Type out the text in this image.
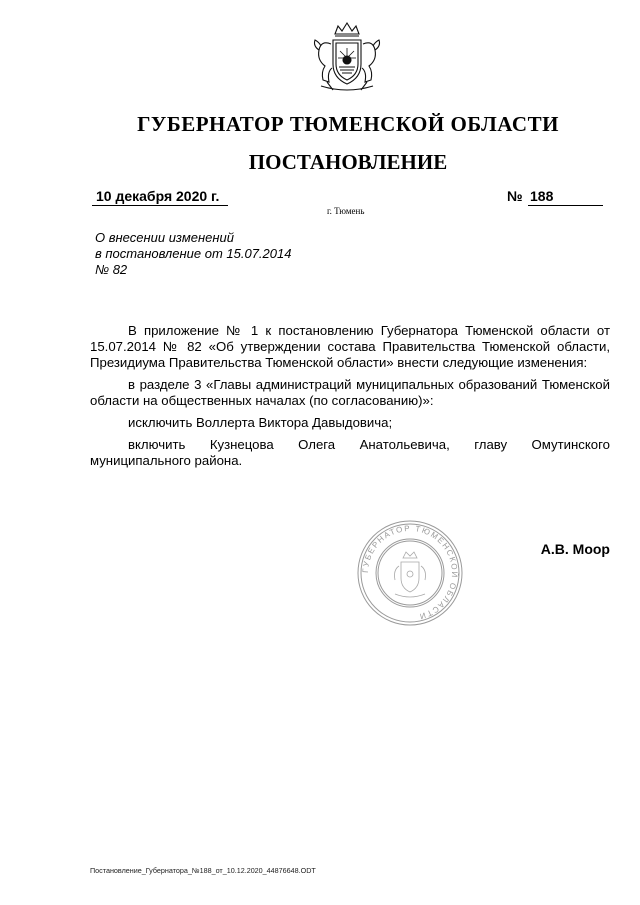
ГУБЕРНАТОР ТЮМЕНСКОЙ ОБЛАСТИ
ПОСТАНОВЛЕНИЕ
10 декабря 2020 г.	№ 188
г. Тюмень
О внесении изменений
в постановление от 15.07.2014
№ 82

В приложение № 1 к постановлению Губернатора Тюменской области от 15.07.2014 № 82 «Об утверждении состава Правительства Тюменской области, Президиума Правительства Тюменской области» внести следующие изменения:

в разделе 3 «Главы администраций муниципальных образований Тюменской области на общественных началах (по согласованию)»:

исключить Воллерта Виктора Давыдовича;

включить Кузнецова Олега Анатольевича, главу Омутинского муниципального района.

ГУБЕРНАТОР ТЮМЕНСКОЙ ОБЛАСТИ
А.В. Моор
Постановление_Губернатора_№188_от_10.12.2020_44876648.ODT
